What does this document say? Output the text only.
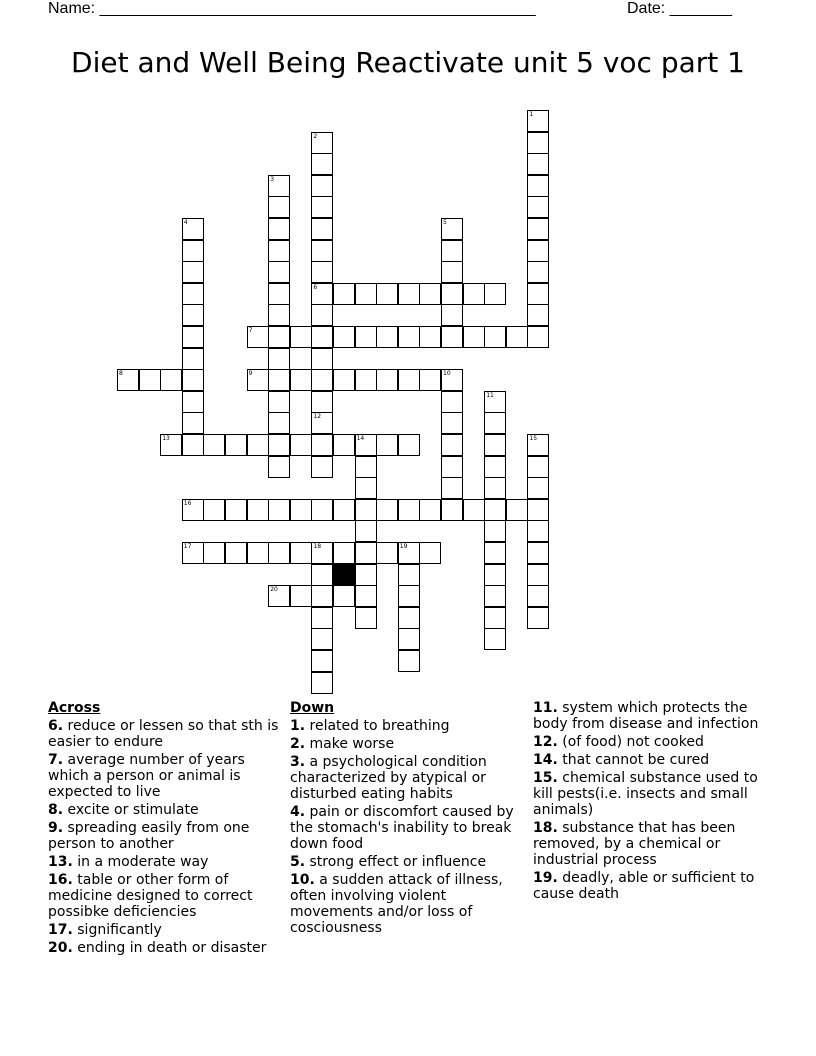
Name: _________________________________________________	Date: _______
Diet and Well Being Reactivate unit 5 voc part 1
1
2
6
12
3
4	5
7
8	9	10
11
13	14	15
16
17	18	19
20
Across
6. reduce or lessen so that sth is easier to endure
7. average number of years which a person or animal is expected to live
8. excite or stimulate
9. spreading easily from one person to another
13. in a moderate way
16. table or other form of medicine designed to correct possibke deficiencies
17. significantly
20. ending in death or disaster
Down
1. related to breathing
2. make worse
3. a psychological condition characterized by atypical or disturbed eating habits
4. pain or discomfort caused by the stomach's inability to break down food
5. strong effect or influence
10. a sudden attack of illness, often involving violent movements and/or loss of cosciousness
11. system which protects the body from disease and infection
12. (of food) not cooked
14. that cannot be cured
15. chemical substance used to kill pests(i.e. insects and small animals)
18. substance that has been removed, by a chemical or industrial process
19. deadly, able or sufficient to cause death
